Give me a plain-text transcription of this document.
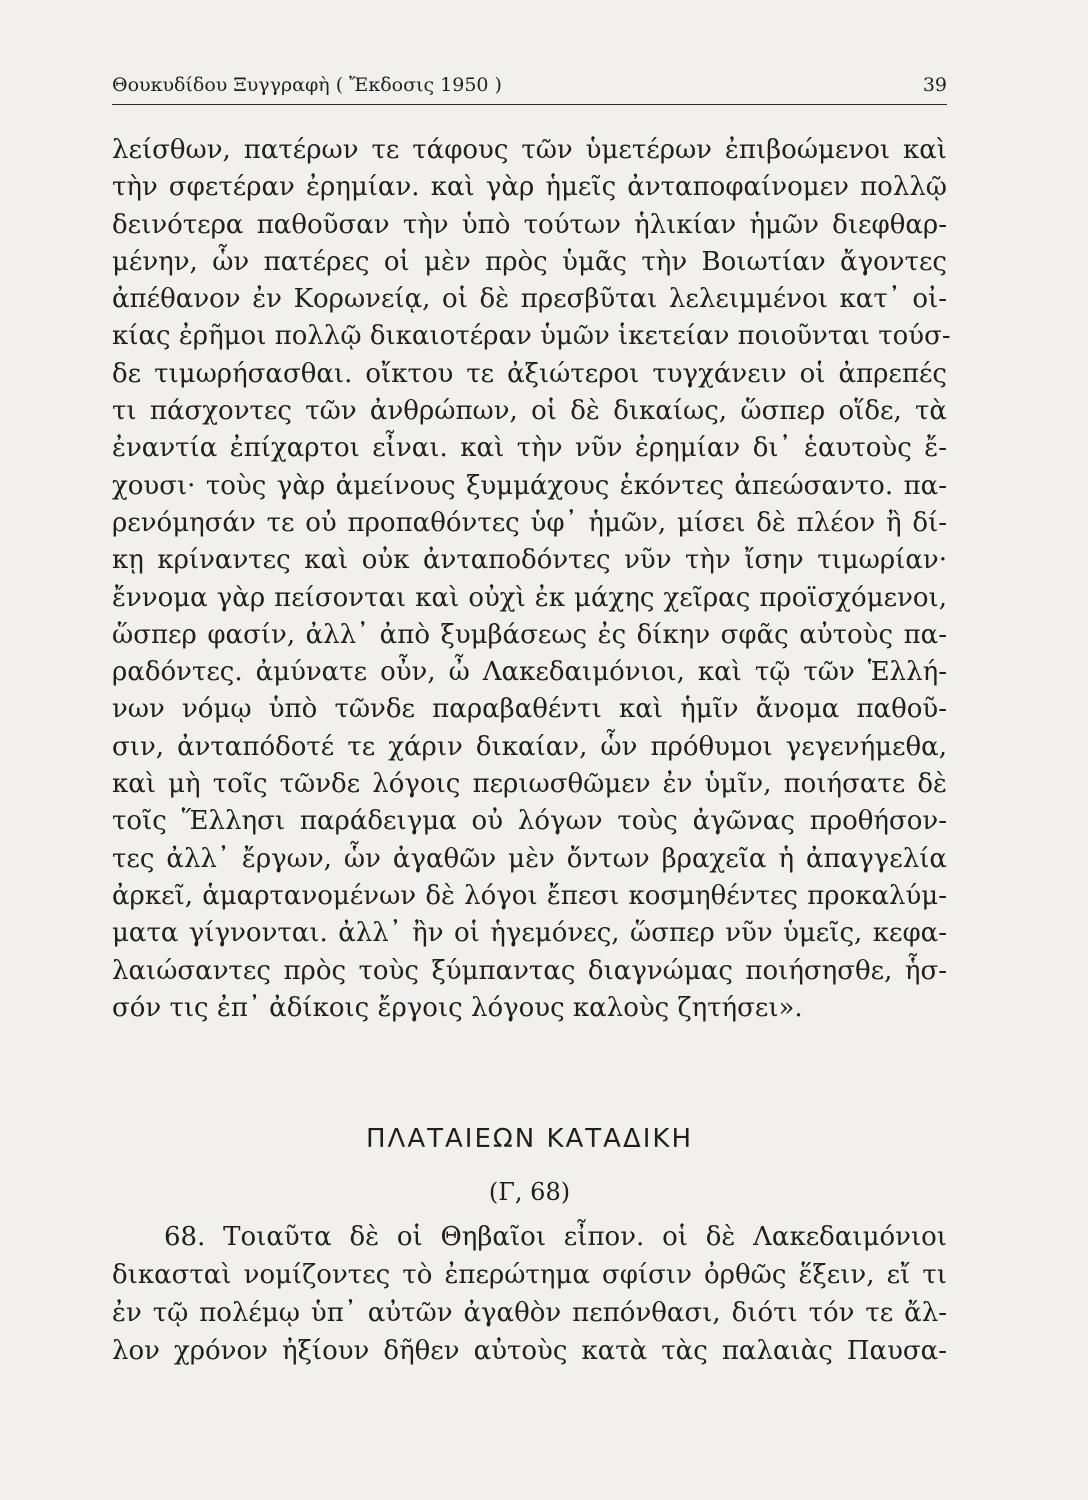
Θουκυδίδου Ξυγγραφὴ ( Ἔκδοσις 1950 )	39
λείσθων, πατέρων τε τάφους τῶν ὑμετέρων ἐπιβοώμενοι καὶ
τὴν σφετέραν ἐρημίαν. καὶ γὰρ ἡμεῖς ἀνταποφαίνομεν πολλῷ
δεινότερα παθοῦσαν τὴν ὑπὸ τούτων ἡλικίαν ἡμῶν διεφθαρ-
μένην, ὧν πατέρες οἱ μὲν πρὸς ὑμᾶς τὴν Βοιωτίαν ἄγοντες
ἀπέθανον ἐν Κορωνείᾳ, οἱ δὲ πρεσβῦται λελειμμένοι κατ᾽ οἰ-
κίας ἐρῆμοι πολλῷ δικαιοτέραν ὑμῶν ἱκετείαν ποιοῦνται τούσ-
δε τιμωρήσασθαι. οἴκτου τε ἀξιώτεροι τυγχάνειν οἱ ἀπρεπές
τι πάσχοντες τῶν ἀνθρώπων, οἱ δὲ δικαίως, ὥσπερ οἵδε, τὰ
ἐναντία ἐπίχαρτοι εἶναι. καὶ τὴν νῦν ἐρημίαν δι᾽ ἑαυτοὺς ἔ-
χουσι· τοὺς γὰρ ἀμείνους ξυμμάχους ἑκόντες ἀπεώσαντο. πα-
ρενόμησάν τε οὐ προπαθόντες ὑφ᾽ ἡμῶν, μίσει δὲ πλέον ἢ δί-
κῃ κρίναντες καὶ οὐκ ἀνταποδόντες νῦν τὴν ἴσην τιμωρίαν·
ἔννομα γὰρ πείσονται καὶ οὐχὶ ἐκ μάχης χεῖρας προϊσχόμενοι,
ὥσπερ φασίν, ἀλλ᾽ ἀπὸ ξυμβάσεως ἐς δίκην σφᾶς αὐτοὺς πα-
ραδόντες. ἀμύνατε οὖν, ὦ Λακεδαιμόνιοι, καὶ τῷ τῶν Ἑλλή-
νων νόμῳ ὑπὸ τῶνδε παραβαθέντι καὶ ἡμῖν ἄνομα παθοῦ-
σιν, ἀνταπόδοτέ τε χάριν δικαίαν, ὧν πρόθυμοι γεγενήμεθα,
καὶ μὴ τοῖς τῶνδε λόγοις περιωσθῶμεν ἐν ὑμῖν, ποιήσατε δὲ
τοῖς Ἕλλησι παράδειγμα οὐ λόγων τοὺς ἀγῶνας προθήσον-
τες ἀλλ᾽ ἔργων, ὧν ἀγαθῶν μὲν ὄντων βραχεῖα ἡ ἀπαγγελία
ἀρκεῖ, ἁμαρτανομένων δὲ λόγοι ἔπεσι κοσμηθέντες προκαλύμ-
ματα γίγνονται. ἀλλ᾽ ἢν οἱ ἡγεμόνες, ὥσπερ νῦν ὑμεῖς, κεφα-
λαιώσαντες πρὸς τοὺς ξύμπαντας διαγνώμας ποιήσησθε, ἧσ-
σόν τις ἐπ᾽ ἀδίκοις ἔργοις λόγους καλοὺς ζητήσει».
ΠΛΑΤΑΙΕΩΝ ΚΑΤΑΔΙΚΗ
(Γ, 68)
68. Τοιαῦτα δὲ οἱ Θηβαῖοι εἶπον. οἱ δὲ Λακεδαιμόνιοι
δικασταὶ νομίζοντες τὸ ἐπερώτημα σφίσιν ὀρθῶς ἕξειν, εἴ τι
ἐν τῷ πολέμῳ ὑπ᾽ αὐτῶν ἀγαθὸν πεπόνθασι, διότι τόν τε ἄλ-
λον χρόνον ἠξίουν δῆθεν αὐτοὺς κατὰ τὰς παλαιὰς Παυσα-
